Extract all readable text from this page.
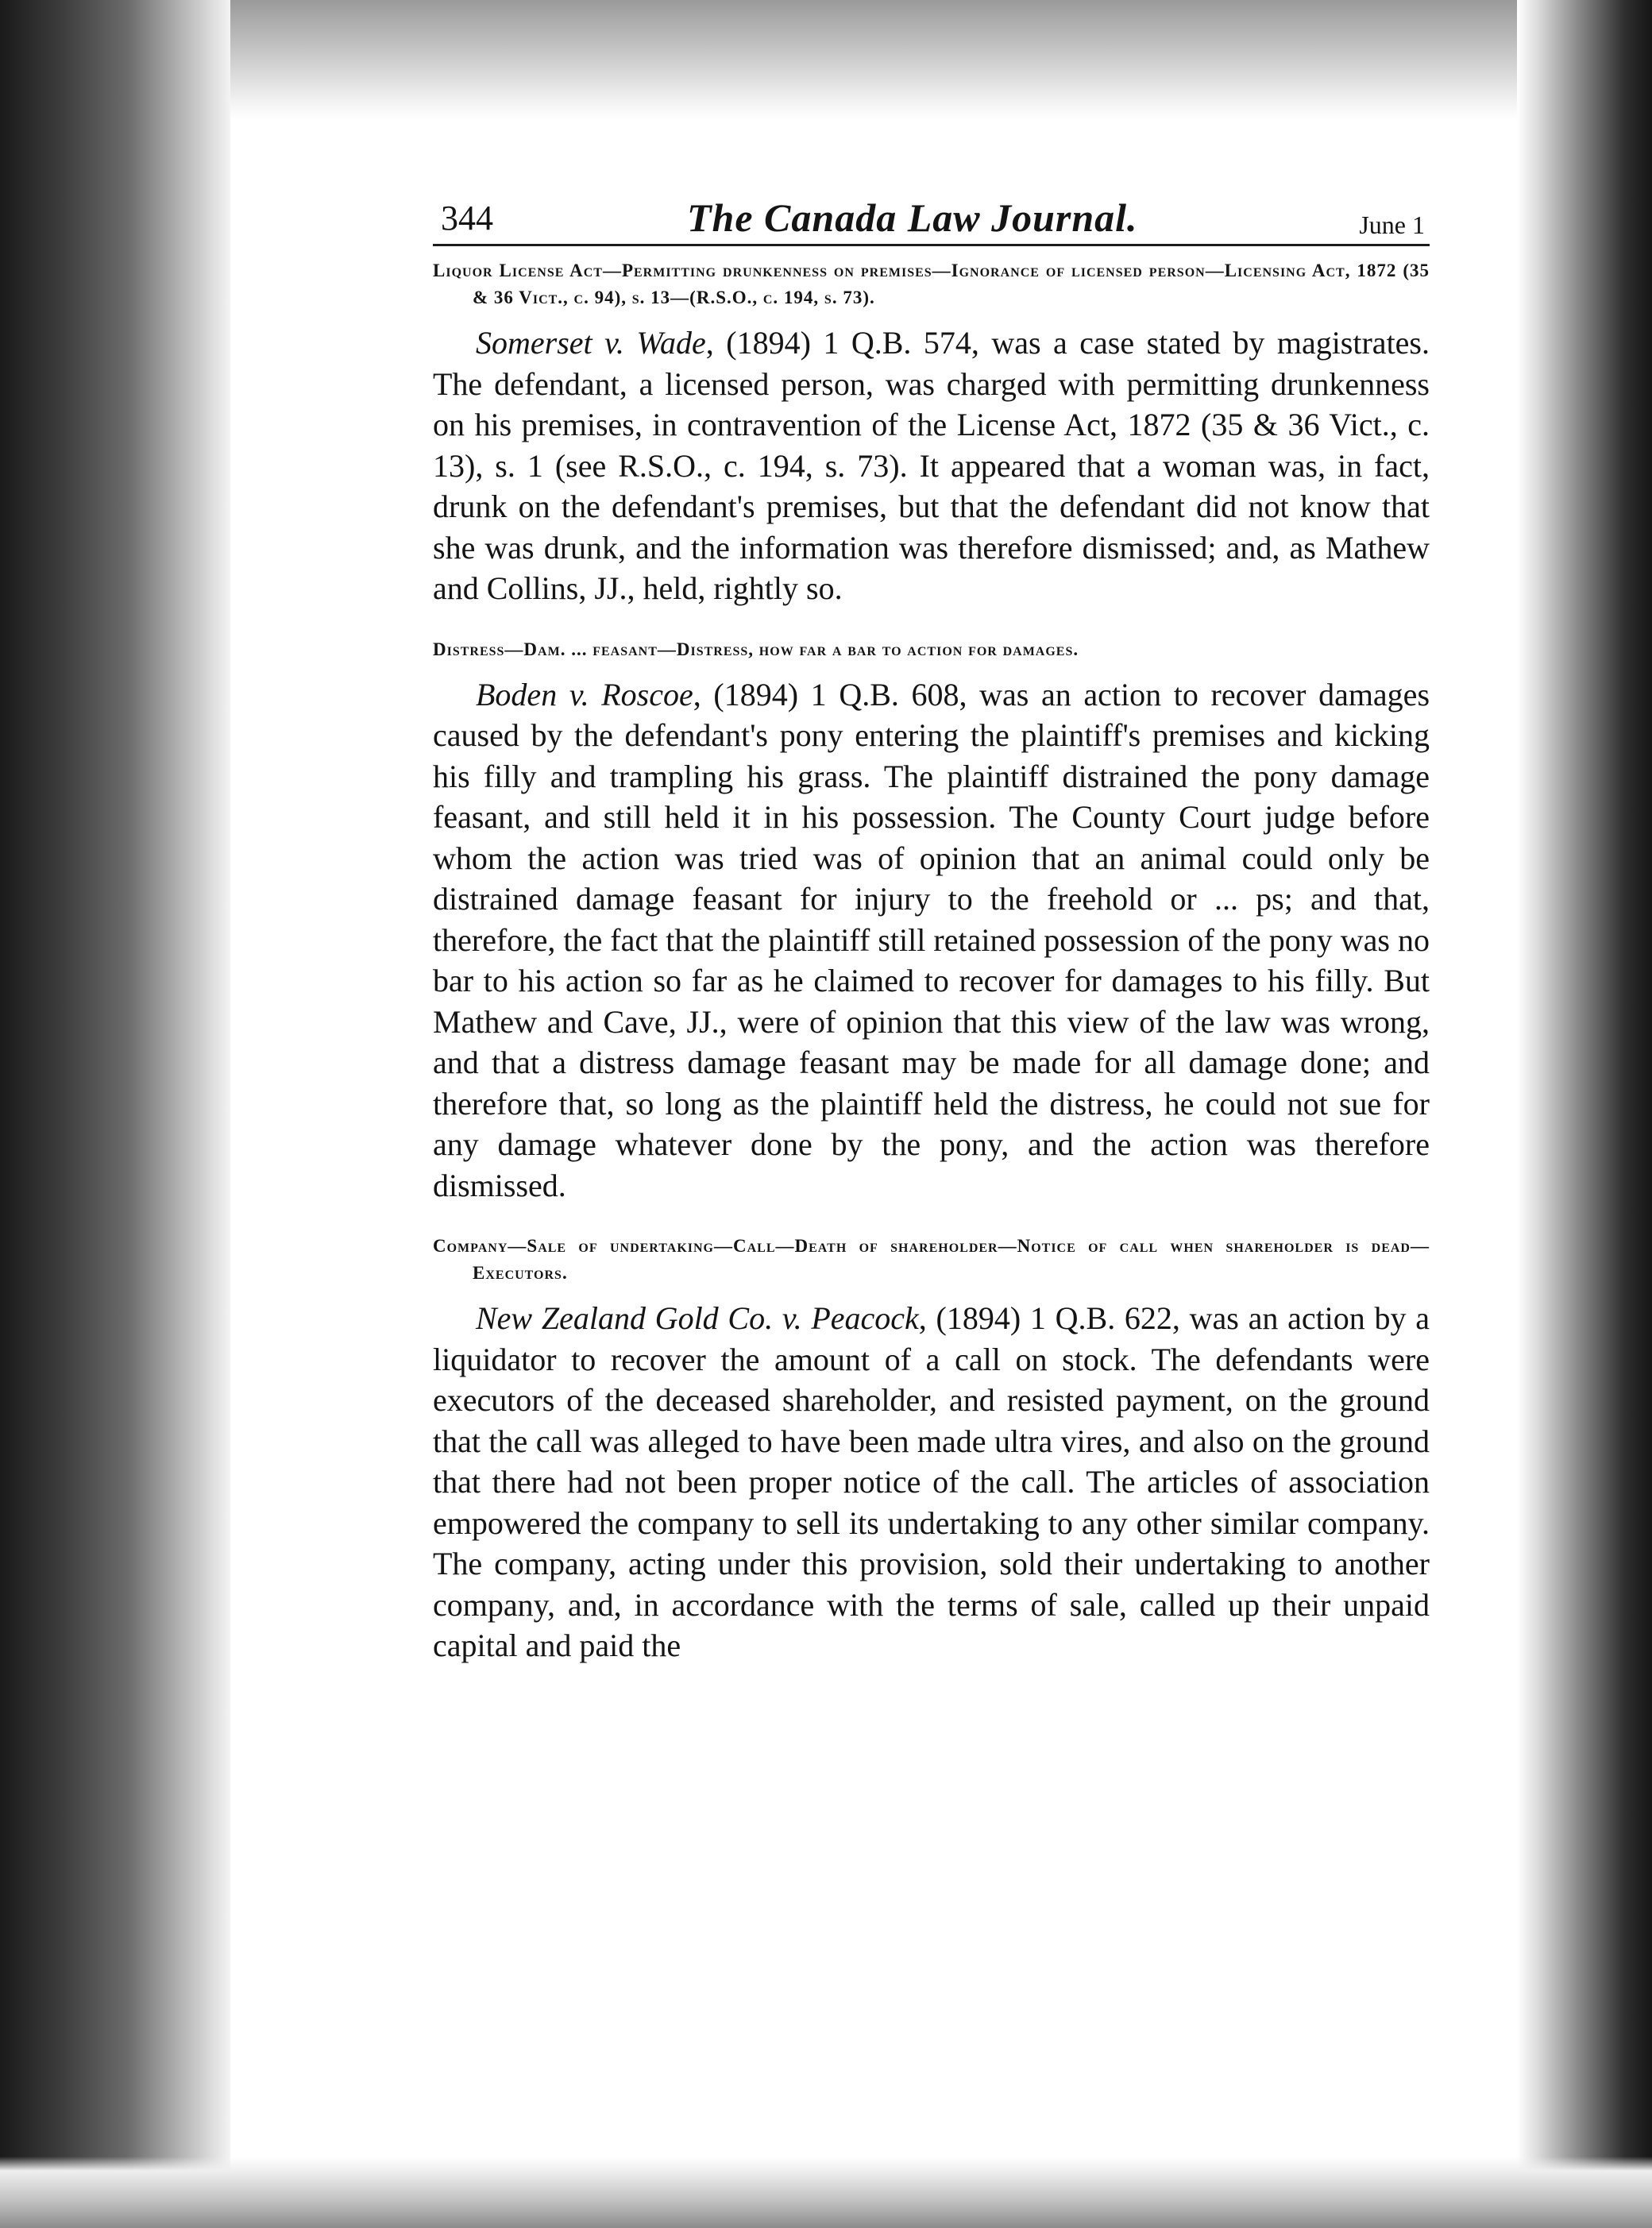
344	The Canada Law Journal.	June 1

Liquor License Act—Permitting drunkenness on premises—Ignorance of licensed person—Licensing Act, 1872 (35 & 36 Vict., c. 94), s. 13—(R.S.O., c. 194, s. 73).

Somerset v. Wade, (1894) 1 Q.B. 574, was a case stated by magistrates. The defendant, a licensed person, was charged with permitting drunkenness on his premises, in contravention of the License Act, 1872 (35 & 36 Vict., c. 13), s. 1 (see R.S.O., c. 194, s. 73). It appeared that a woman was, in fact, drunk on the defendant's premises, but that the defendant did not know that she was drunk, and the information was therefore dismissed; and, as Mathew and Collins, JJ., held, rightly so.

Distress—Dam. ... feasant—Distress, how far a bar to action for damages.

Boden v. Roscoe, (1894) 1 Q.B. 608, was an action to recover damages caused by the defendant's pony entering the plaintiff's premises and kicking his filly and trampling his grass. The plaintiff distrained the pony damage feasant, and still held it in his possession. The County Court judge before whom the action was tried was of opinion that an animal could only be distrained damage feasant for injury to the freehold or ... ps; and that, therefore, the fact that the plaintiff still retained possession of the pony was no bar to his action so far as he claimed to recover for damages to his filly. But Mathew and Cave, JJ., were of opinion that this view of the law was wrong, and that a distress damage feasant may be made for all damage done; and therefore that, so long as the plaintiff held the distress, he could not sue for any damage whatever done by the pony, and the action was therefore dismissed.

Company—Sale of undertaking—Call—Death of shareholder—Notice of call when shareholder is dead—Executors.

New Zealand Gold Co. v. Peacock, (1894) 1 Q.B. 622, was an action by a liquidator to recover the amount of a call on stock. The defendants were executors of the deceased shareholder, and resisted payment, on the ground that the call was alleged to have been made ultra vires, and also on the ground that there had not been proper notice of the call. The articles of association empowered the company to sell its undertaking to any other similar company. The company, acting under this provision, sold their undertaking to another company, and, in accordance with the terms of sale, called up their unpaid capital and paid the
